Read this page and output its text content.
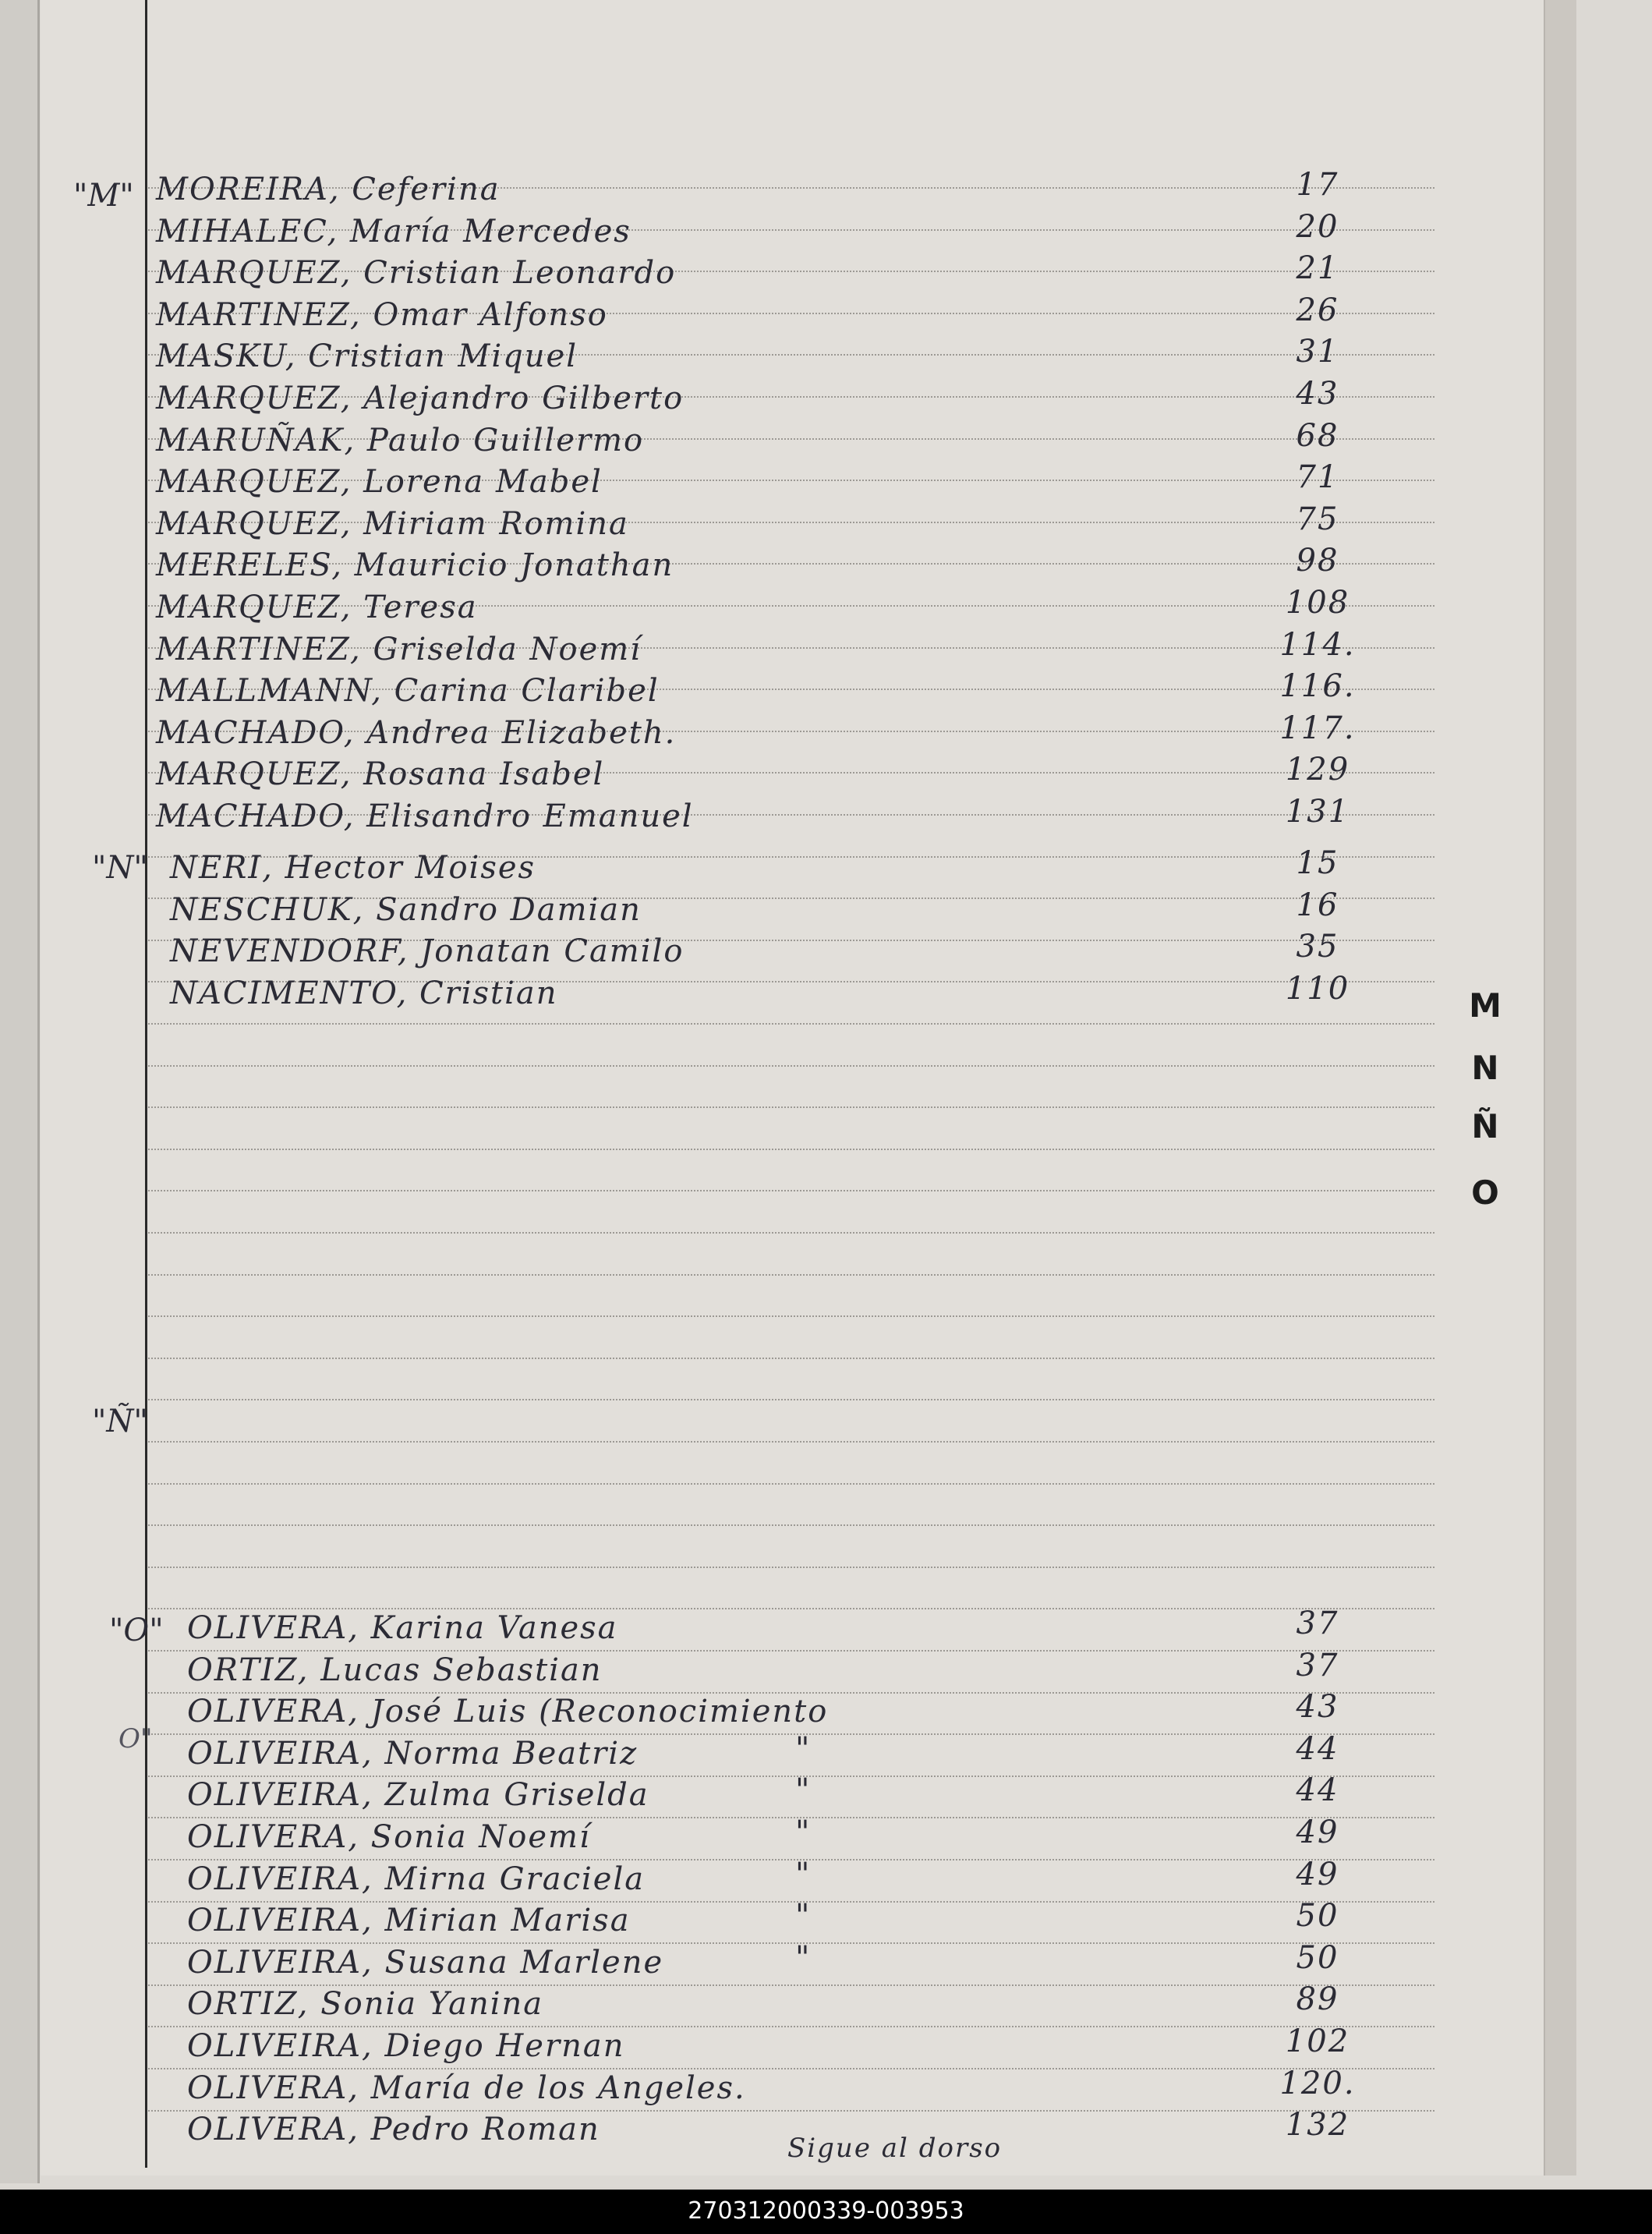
"M" MOREIRA, Ceferina	17
MIHALEC, María Mercedes	20
MARQUEZ, Cristian Leonardo	21
MARTINEZ, Omar Alfonso	26
MASKU, Cristian Miquel	31
MARQUEZ, Alejandro Gilberto	43
MARUÑAK, Paulo Guillermo	68
MARQUEZ, Lorena Mabel	71
MARQUEZ, Miriam Romina	75
MERELES, Mauricio Jonathan	98
MARQUEZ, Teresa	108
MARTINEZ, Griselda Noemí	114.
MALLMANN, Carina Claribel	116.
MACHADO, Andrea Elizabeth.	117.
MARQUEZ, Rosana Isabel	129
MACHADO, Elisandro Emanuel	131
"N" NERI, Hector Moises	15
NESCHUK, Sandro Damian	16
NEVENDORF, Jonatan Camilo	35
NACIMENTO, Cristian	110
"Ñ"
"O" OLIVERA, Karina Vanesa	37
ORTIZ, Lucas Sebastian	37
OLIVERA, José Luis (Reconocimiento	43
OLIVEIRA, Norma Beatriz	"	44
OLIVEIRA, Zulma Griselda	"	44
OLIVERA, Sonia Noemí	"	49
OLIVEIRA, Mirna Graciela	"	49
OLIVEIRA, Mirian Marisa	"	50
OLIVEIRA, Susana Marlene	"	50
ORTIZ, Sonia Yanina	89
OLIVEIRA, Diego Hernan	102
OLIVERA, María de los Angeles.	120.
OLIVERA, Pedro Roman	132
O"
M
N
Ñ
O
Sigue al dorso
270312000339-003953
